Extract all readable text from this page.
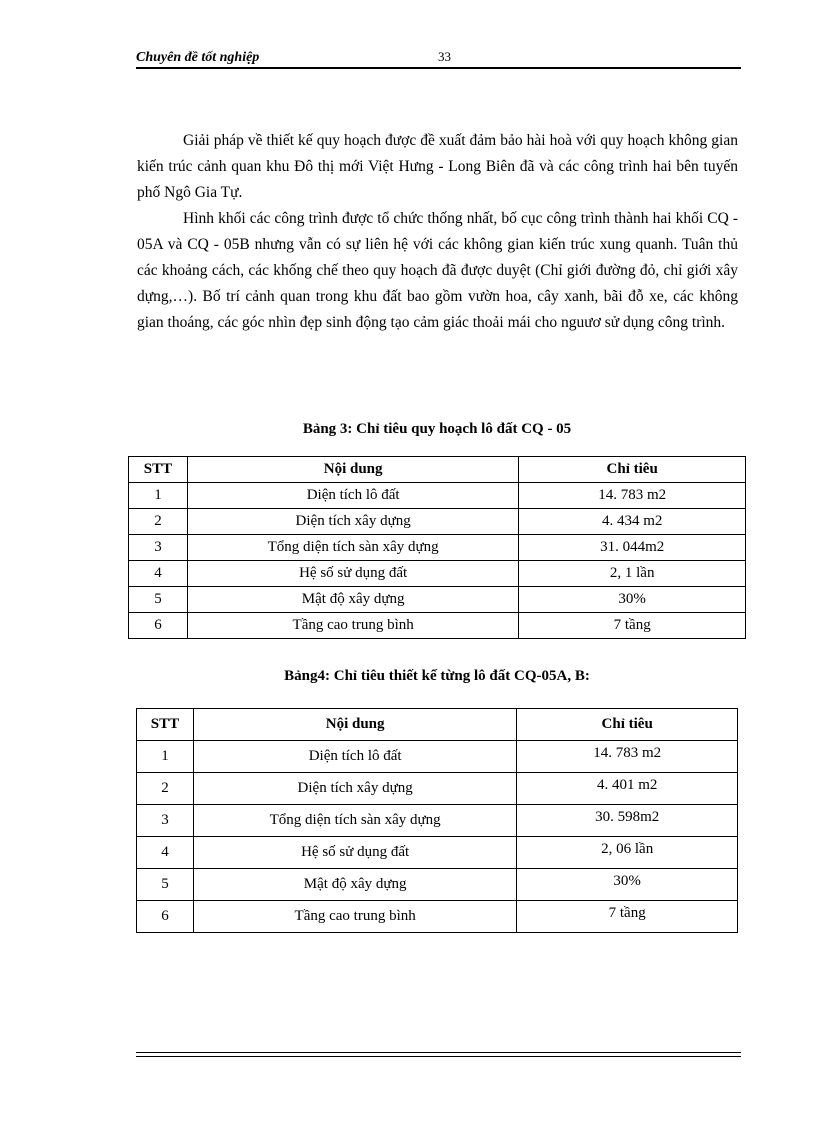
Chuyên đề tốt nghiệp	33

Giải pháp về thiết kế quy hoạch được đề xuất đảm bảo hài hoà với quy hoạch không gian kiến trúc cảnh quan khu Đô thị mới Việt Hưng - Long Biên đã và các công trình hai bên tuyến phố Ngô Gia Tự.

Hình khối các công trình được tổ chức thống nhất, bố cục công trình thành hai khối CQ - 05A và CQ - 05B nhưng vẫn có sự liên hệ với các không gian kiến trúc xung quanh. Tuân thủ các khoảng cách, các khống chế theo quy hoạch đã được duyệt (Chỉ giới đường đỏ, chỉ giới xây dựng,…). Bố trí cảnh quan trong khu đất bao gồm vườn hoa, cây xanh, bãi đỗ xe, các không gian thoáng, các góc nhìn đẹp sinh động tạo cảm giác thoải mái cho nguươ sử dụng công trình.

Bảng 3: Chỉ tiêu quy hoạch lô đất CQ - 05
STT	Nội dung	Chỉ tiêu
1	Diện tích lô đất	14. 783 m2
2	Diện tích xây dựng	4. 434 m2
3	Tổng diện tích sàn xây dựng	31. 044m2
4	Hệ số sử dụng đất	2, 1 lần
5	Mật độ xây dựng	30%
6	Tầng cao trung bình	7 tầng
Bảng4: Chỉ tiêu thiết kế từng lô đất CQ-05A, B:
STT	Nội dung	Chỉ tiêu
1	Diện tích lô đất	14. 783 m2
2	Diện tích xây dựng	4. 401 m2
3	Tổng diện tích sàn xây dựng	30. 598m2
4	Hệ số sử dụng đất	2, 06 lần
5	Mật độ xây dựng	30%
6	Tầng cao trung bình	7 tầng
